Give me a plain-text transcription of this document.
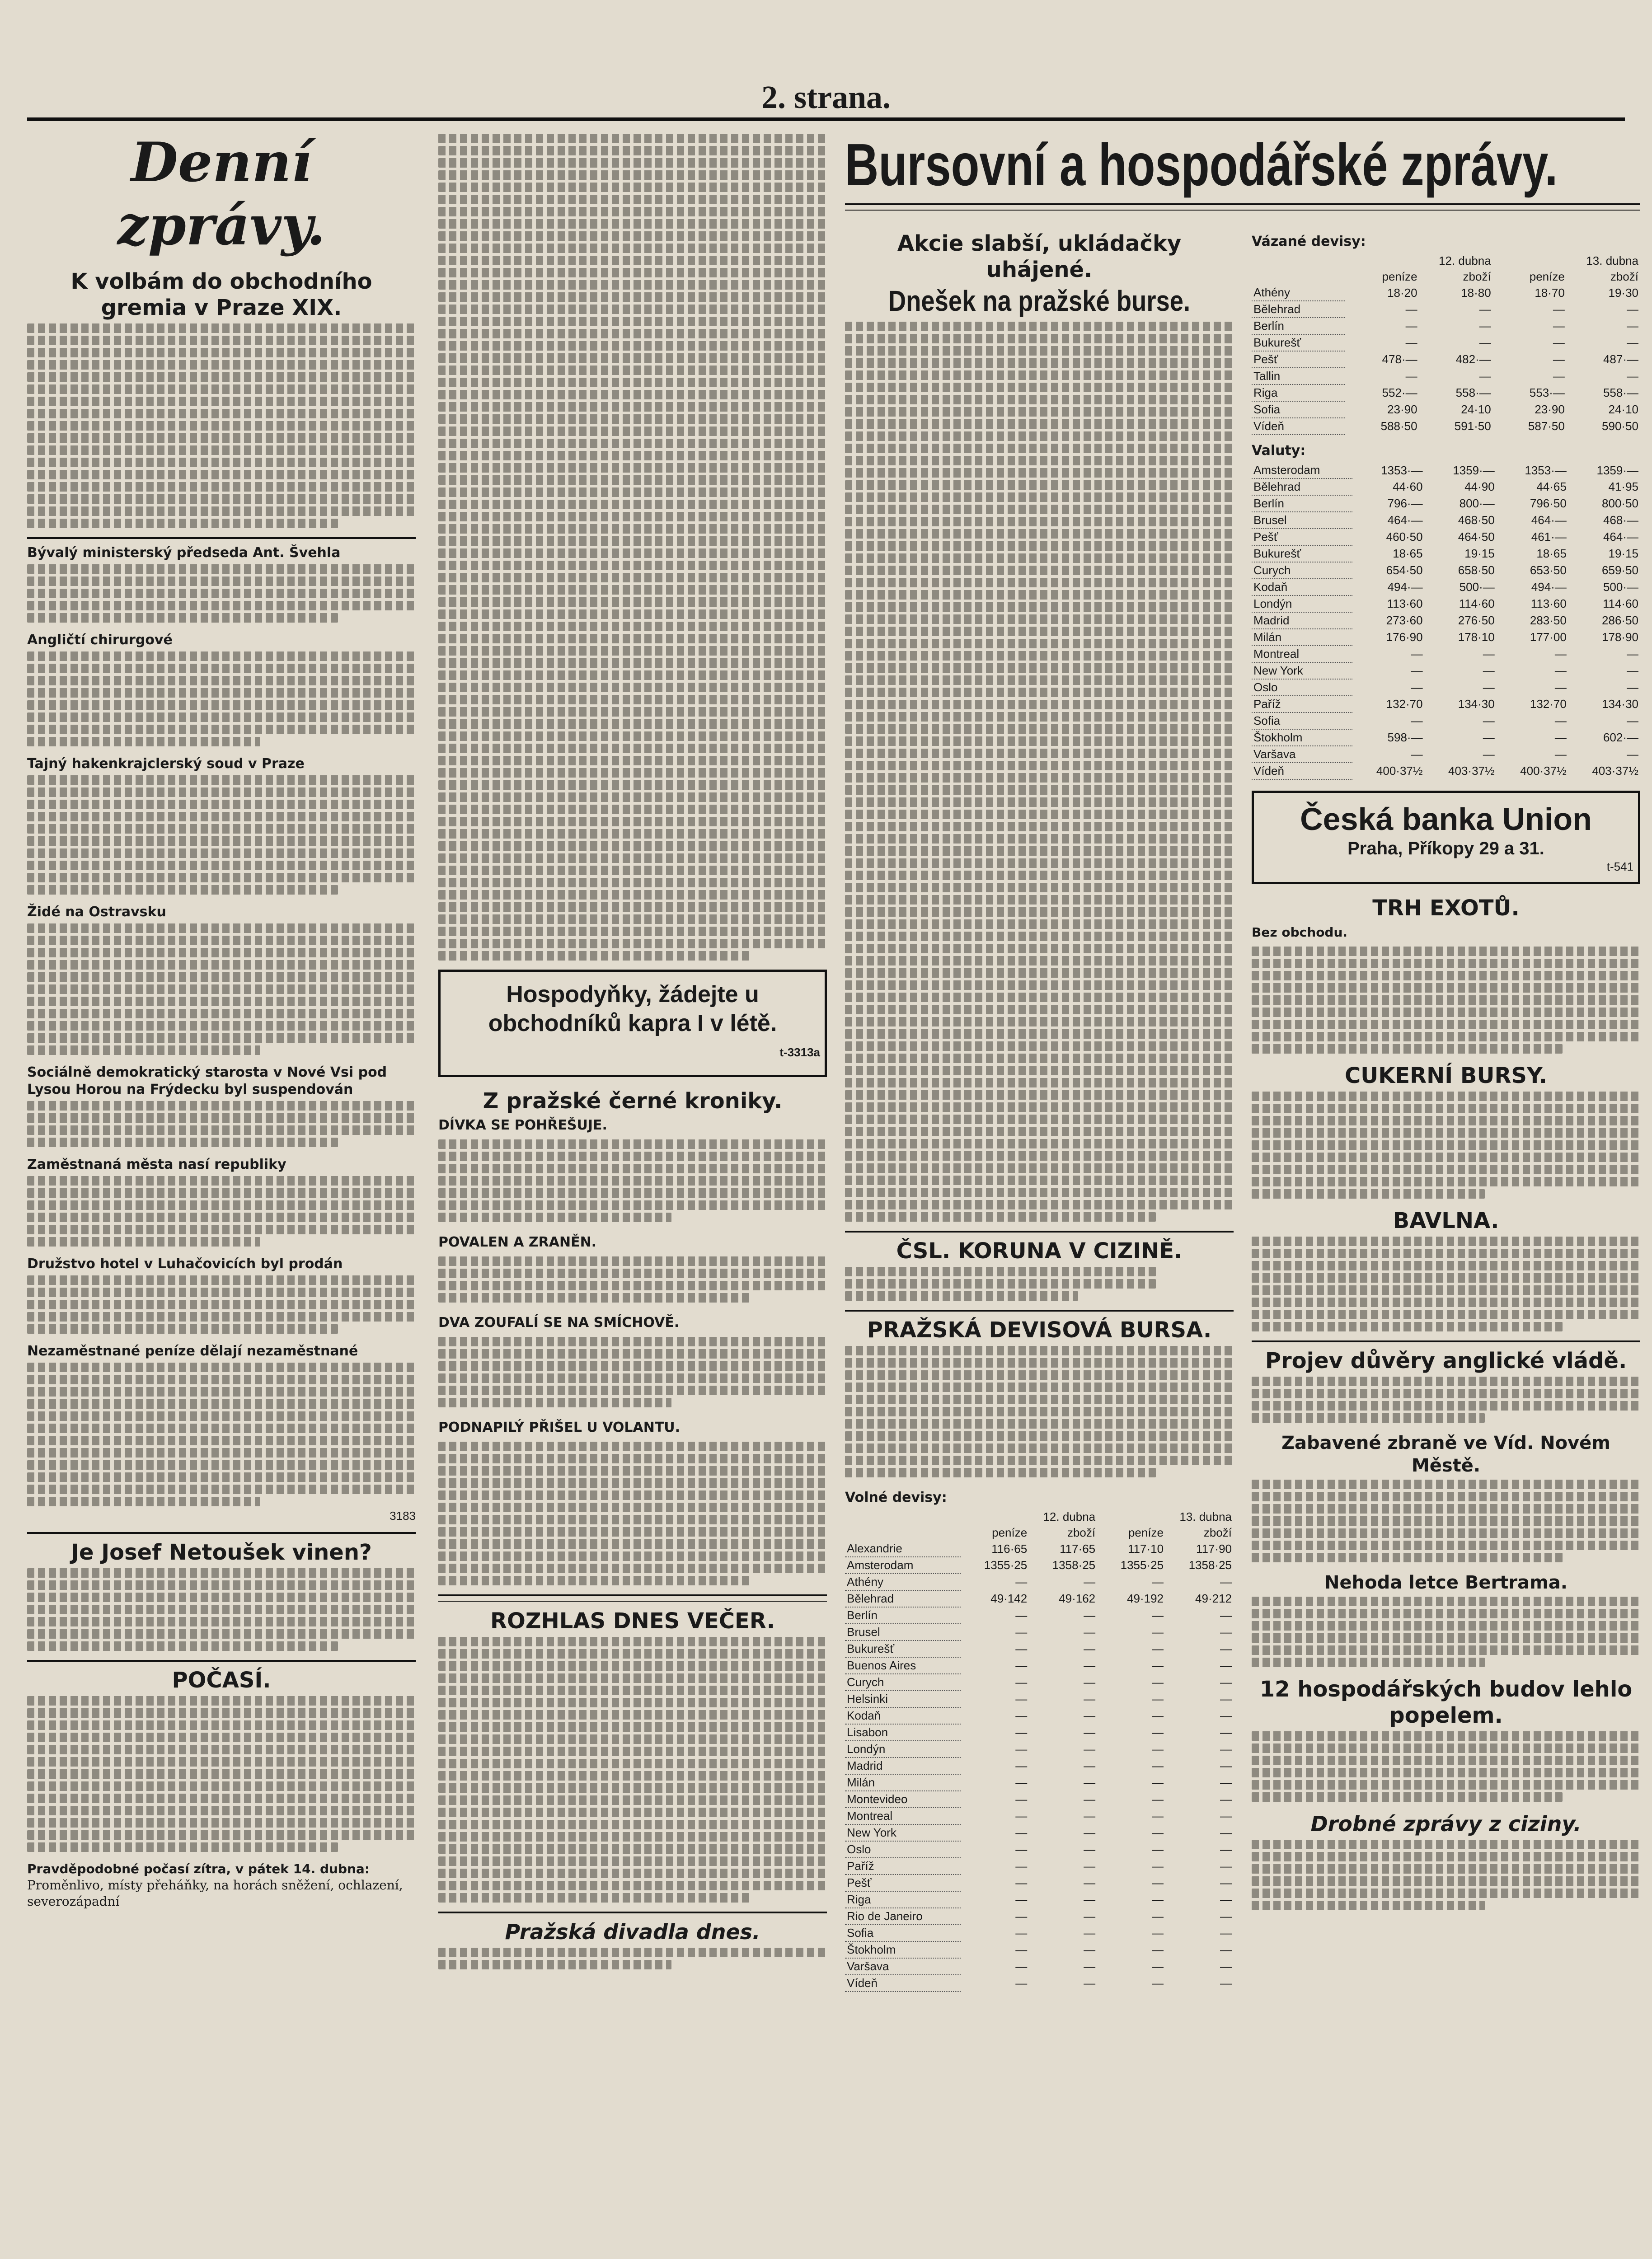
2. strana.
Denní zprávy.
K volbám do obchodního gremia v Praze XIX.
Bývalý ministerský předseda Ant. Švehla
Angličtí chirurgové
Tajný hakenkrajclerský soud v Praze
Židé na Ostravsku
Sociálně demokratický starosta v Nové Vsi pod Lysou Horou na Frýdecku byl suspendován
Zaměstnaná města nasí republiky
Družstvo hotel v Luhačovicích byl prodán
Nezaměstnané peníze dělají nezaměstnané
3183
Je Josef Netoušek vinen?
POČASÍ.
Pravděpodobné počasí zítra, v pátek 14. dubna:
Proměnlivo, místy přeháňky, na horách sněžení, ochlazení, severozápadní
Hospodyňky, žádejte u obchodníků kapra I v létě.
t-3313a
Z pražské černé kroniky.
DÍVKA SE POHŘEŠUJE.
POVALEN A ZRANĚN.
DVA ZOUFALÍ SE NA SMÍCHOVĚ.
PODNAPILÝ PŘIŠEL U VOLANTU.
ROZHLAS DNES VEČER.
Pražská divadla dnes.
Bursovní a hospodářské zprávy.
Akcie slabší, ukládačky uhájené.
Dnešek na pražské burse.
ČSL. KORUNA V CIZINĚ.
PRAŽSKÁ DEVISOVÁ BURSA.
Volné devisy:
	12. dubna		13. dubna	
	peníze	zboží	peníze	zboží
Alexandrie	116·65	117·65	117·10	117·90
Amsterodam	1355·25	1358·25	1355·25	1358·25
Athény	—	—	—	—
Bělehrad	49·142	49·162	49·192	49·212
Berlín	—	—	—	—
Brusel	—	—	—	—
Bukurešť	—	—	—	—
Buenos Aires	—	—	—	—
Curych	—	—	—	—
Helsinki	—	—	—	—
Kodaň	—	—	—	—
Lisabon	—	—	—	—
Londýn	—	—	—	—
Madrid	—	—	—	—
Milán	—	—	—	—
Montevideo	—	—	—	—
Montreal	—	—	—	—
New York	—	—	—	—
Oslo	—	—	—	—
Paříž	—	—	—	—
Pešť	—	—	—	—
Riga	—	—	—	—
Rio de Janeiro	—	—	—	—
Sofia	—	—	—	—
Štokholm	—	—	—	—
Varšava	—	—	—	—
Vídeň	—	—	—	—
Vázané devisy:
	12. dubna		13. dubna	
	peníze	zboží	peníze	zboží
Athény	18·20	18·80	18·70	19·30
Bělehrad	—	—	—	—
Berlín	—	—	—	—
Bukurešť	—	—	—	—
Pešť	478·—	482·—	—	487·—
Tallin	—	—	—	—
Riga	552·—	558·—	553·—	558·—
Sofia	23·90	24·10	23·90	24·10
Vídeň	588·50	591·50	587·50	590·50
Valuty:
Amsterodam	1353·—	1359·—	1353·—	1359·—
Bělehrad	44·60	44·90	44·65	41·95
Berlín	796·—	800·—	796·50	800·50
Brusel	464·—	468·50	464·—	468·—
Pešť	460·50	464·50	461·—	464·—
Bukurešť	18·65	19·15	18·65	19·15
Curych	654·50	658·50	653·50	659·50
Kodaň	494·—	500·—	494·—	500·—
Londýn	113·60	114·60	113·60	114·60
Madrid	273·60	276·50	283·50	286·50
Milán	176·90	178·10	177·00	178·90
Montreal	—	—	—	—
New York	—	—	—	—
Oslo	—	—	—	—
Paříž	132·70	134·30	132·70	134·30
Sofia	—	—	—	—
Štokholm	598·—	—	—	602·—
Varšava	—	—	—	—
Vídeň	400·37½	403·37½	400·37½	403·37½
Česká banka Union
Praha, Příkopy 29 a 31.
t-541
TRH EXOTŮ.
Bez obchodu.
CUKERNÍ BURSY.
BAVLNA.
Projev důvěry anglické vládě.
Zabavené zbraně ve Víd. Novém Městě.
Nehoda letce Bertrama.
12 hospodářských budov lehlo popelem.
Drobné zprávy z ciziny.
